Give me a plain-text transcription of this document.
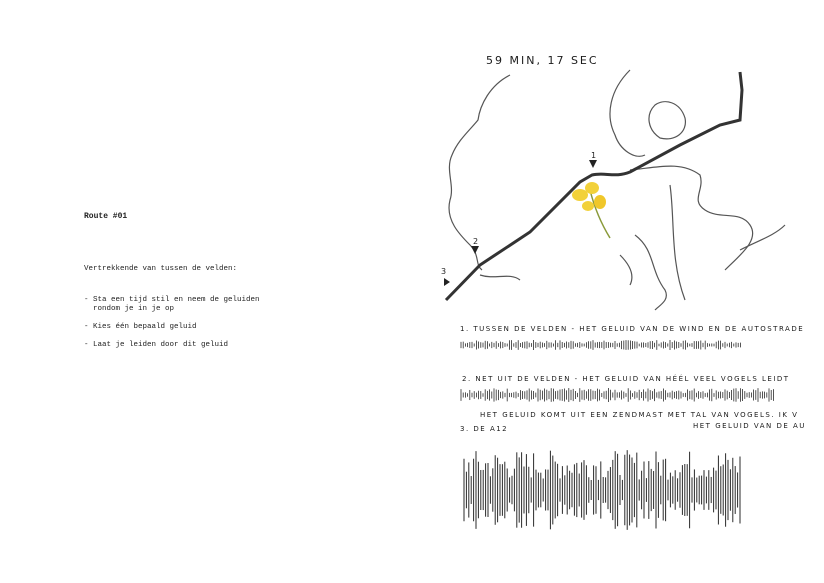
Route #01
Vertrekkende van tussen de velden:
- Sta een tijd stil en neem de geluiden
rondom je in je op
- Kies één bepaald geluid
- Laat je leiden door dit geluid
59 MIN, 17 SEC
1
2
3
1. TUSSEN DE VELDEN - HET GELUID VAN DE WIND EN DE AUTOSTRADE
2. NET UIT DE VELDEN - HET GELUID VAN HÉÉL VEEL VOGELS LEIDT
HET GELUID KOMT UIT EEN ZENDMAST MET TAL VAN VOGELS. IK V
HET GELUID VAN DE AU
3. DE A12
